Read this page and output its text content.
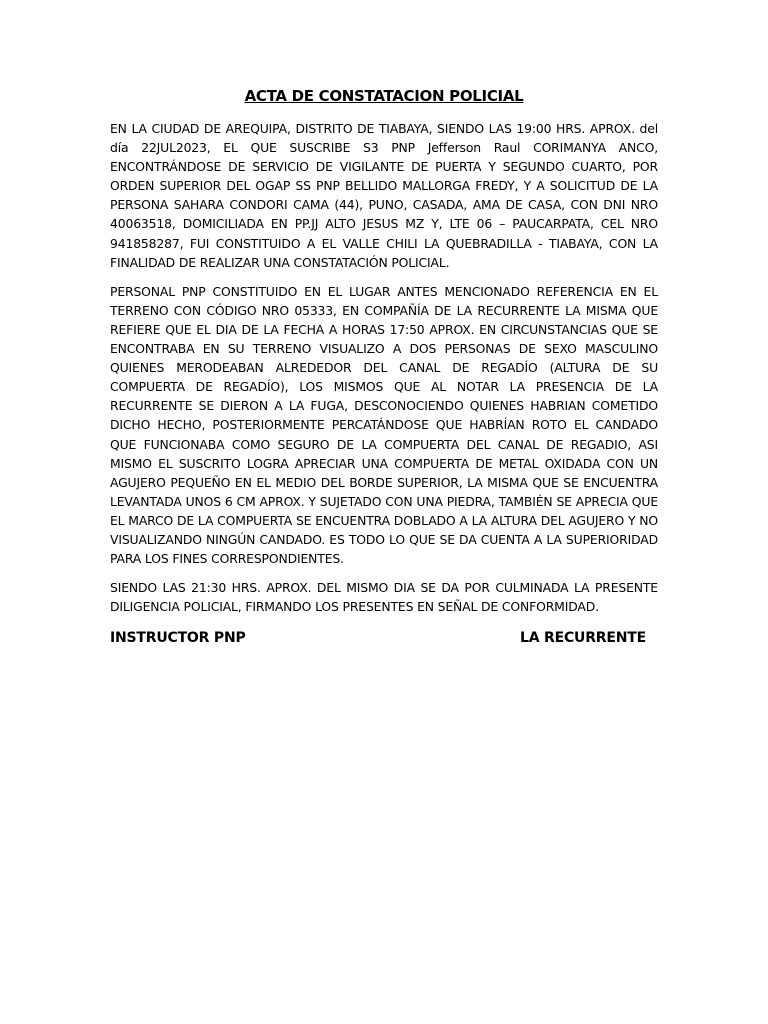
ACTA DE CONSTATACION POLICIAL

EN LA CIUDAD DE AREQUIPA, DISTRITO DE TIABAYA, SIENDO LAS 19:00 HRS. APROX. del día 22JUL2023, EL QUE SUSCRIBE S3 PNP Jefferson Raul CORIMANYA ANCO, ENCONTRÁNDOSE DE SERVICIO DE VIGILANTE DE PUERTA Y SEGUNDO CUARTO, POR ORDEN SUPERIOR DEL OGAP SS PNP BELLIDO MALLORGA FREDY, Y A SOLICITUD DE LA PERSONA SAHARA CONDORI CAMA (44), PUNO, CASADA, AMA DE CASA, CON DNI NRO 40063518, DOMICILIADA EN PP.JJ ALTO JESUS MZ Y, LTE 06 – PAUCARPATA, CEL NRO 941858287, FUI CONSTITUIDO A EL VALLE CHILI LA QUEBRADILLA - TIABAYA, CON LA FINALIDAD DE REALIZAR UNA CONSTATACIÓN POLICIAL.

PERSONAL PNP CONSTITUIDO EN EL LUGAR ANTES MENCIONADO REFERENCIA EN EL TERRENO CON CÓDIGO NRO 05333, EN COMPAÑÍA DE LA RECURRENTE LA MISMA QUE REFIERE QUE EL DIA DE LA FECHA A HORAS 17:50 APROX. EN CIRCUNSTANCIAS QUE SE ENCONTRABA EN SU TERRENO VISUALIZO A DOS PERSONAS DE SEXO MASCULINO QUIENES MERODEABAN ALREDEDOR DEL CANAL DE REGADÍO (ALTURA DE SU COMPUERTA DE REGADÍO), LOS MISMOS QUE AL NOTAR LA PRESENCIA DE LA RECURRENTE SE DIERON A LA FUGA, DESCONOCIENDO QUIENES HABRIAN COMETIDO DICHO HECHO, POSTERIORMENTE PERCATÁNDOSE QUE HABRÍAN ROTO EL CANDADO QUE FUNCIONABA COMO SEGURO DE LA COMPUERTA DEL CANAL DE REGADIO, ASI MISMO EL SUSCRITO LOGRA APRECIAR UNA COMPUERTA DE METAL OXIDADA CON UN AGUJERO PEQUEÑO EN EL MEDIO DEL BORDE SUPERIOR, LA MISMA QUE SE ENCUENTRA LEVANTADA UNOS 6 CM APROX. Y SUJETADO CON UNA PIEDRA, TAMBIÉN SE APRECIA QUE EL MARCO DE LA COMPUERTA SE ENCUENTRA DOBLADO A LA ALTURA DEL AGUJERO Y NO VISUALIZANDO NINGÚN CANDADO. ES TODO LO QUE SE DA CUENTA A LA SUPERIORIDAD PARA LOS FINES CORRESPONDIENTES.

SIENDO LAS 21:30 HRS. APROX. DEL MISMO DIA SE DA POR CULMINADA LA PRESENTE DILIGENCIA POLICIAL, FIRMANDO LOS PRESENTES EN SEÑAL DE CONFORMIDAD.

INSTRUCTOR PNP	LA RECURRENTE
